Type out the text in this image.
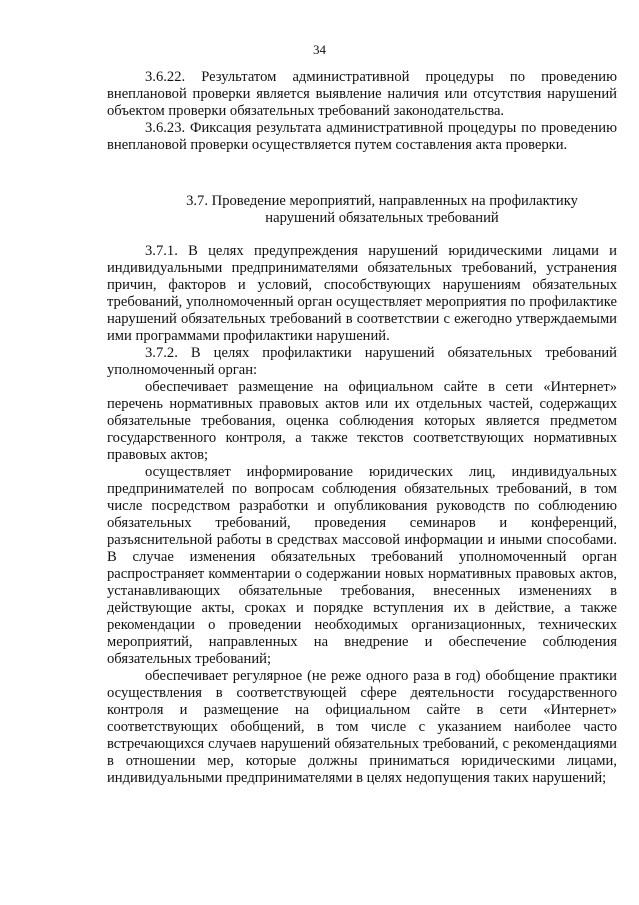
34

3.6.22. Результатом административной процедуры по проведению внеплановой проверки является выявление наличия или отсутствия нарушений объектом проверки обязательных требований законодательства.

3.6.23. Фиксация результата административной процедуры по проведению внеплановой проверки осуществляется путем составления акта проверки.

3.7. Проведение мероприятий, направленных на профилактику
нарушений обязательных требований

3.7.1. В целях предупреждения нарушений юридическими лицами и индивидуальными предпринимателями обязательных требований, устранения причин, факторов и условий, способствующих нарушениям обязательных требований, уполномоченный орган осуществляет мероприятия по профилактике нарушений обязательных требований в соответствии с ежегодно утверждаемыми ими программами профилактики нарушений.

3.7.2. В целях профилактики нарушений обязательных требований уполномоченный орган:

обеспечивает размещение на официальном сайте в сети «Интернет» перечень нормативных правовых актов или их отдельных частей, содержащих обязательные требования, оценка соблюдения которых является предметом государственного контроля, а также текстов соответствующих нормативных правовых актов;

осуществляет информирование юридических лиц, индивидуальных предпринимателей по вопросам соблюдения обязательных требований, в том числе посредством разработки и опубликования руководств по соблюдению обязательных требований, проведения семинаров и конференций, разъяснительной работы в средствах массовой информации и иными способами. В случае изменения обязательных требований уполномоченный орган распространяет комментарии о содержании новых нормативных правовых актов, устанавливающих обязательные требования, внесенных изменениях в действующие акты, сроках и порядке вступления их в действие, а также рекомендации о проведении необходимых организационных, технических мероприятий, направленных на внедрение и обеспечение соблюдения обязательных требований;

обеспечивает регулярное (не реже одного раза в год) обобщение практики осуществления в соответствующей сфере деятельности государственного контроля и размещение на официальном сайте в сети «Интернет» соответствующих обобщений, в том числе с указанием наиболее часто встречающихся случаев нарушений обязательных требований, с рекомендациями в отношении мер, которые должны приниматься юридическими лицами, индивидуальными предпринимателями в целях недопущения таких нарушений;
